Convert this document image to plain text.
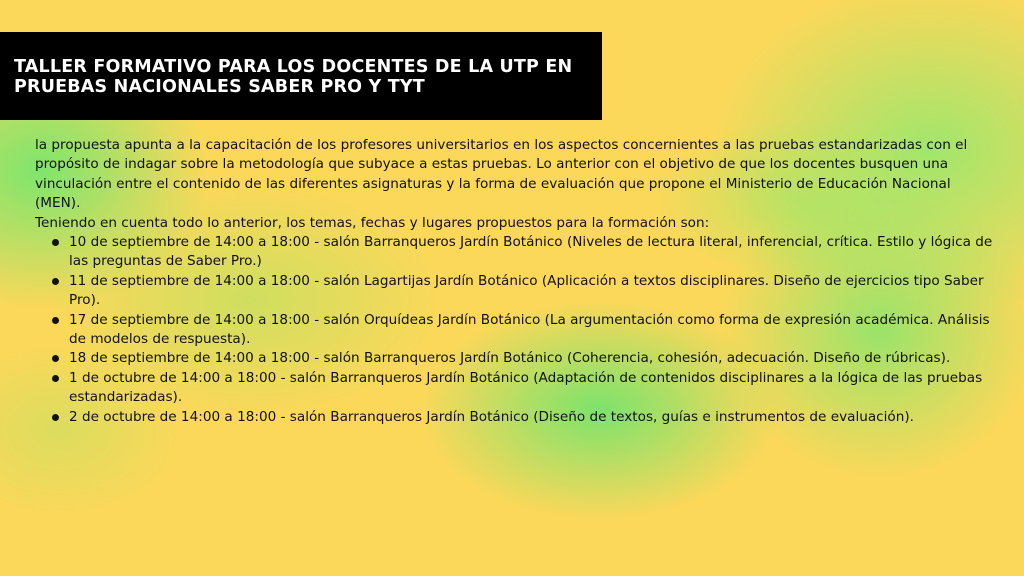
TALLER FORMATIVO PARA LOS DOCENTES DE LA UTP EN PRUEBAS NACIONALES SABER PRO Y TYT

la propuesta apunta a la capacitación de los profesores universitarios en los aspectos concernientes a las pruebas estandarizadas con el propósito de indagar sobre la metodología que subyace a estas pruebas. Lo anterior con el objetivo de que los docentes busquen una vinculación entre el contenido de las diferentes asignaturas y la forma de evaluación que propone el Ministerio de Educación Nacional (MEN).

Teniendo en cuenta todo lo anterior, los temas, fechas y lugares propuestos para la formación son:

10 de septiembre de 14:00 a 18:00 - salón Barranqueros Jardín Botánico (Niveles de lectura literal, inferencial, crítica. Estilo y lógica de las preguntas de Saber Pro.)
11 de septiembre de 14:00 a 18:00 - salón Lagartijas Jardín Botánico (Aplicación a textos disciplinares. Diseño de ejercicios tipo Saber Pro).
17 de septiembre de 14:00 a 18:00 - salón Orquídeas Jardín Botánico (La argumentación como forma de expresión académica. Análisis de modelos de respuesta).
18 de septiembre de 14:00 a 18:00 - salón Barranqueros Jardín Botánico (Coherencia, cohesión, adecuación. Diseño de rúbricas).
1 de octubre de 14:00 a 18:00 - salón Barranqueros Jardín Botánico (Adaptación de contenidos disciplinares a la lógica de las pruebas estandarizadas).
2 de octubre de 14:00 a 18:00 - salón Barranqueros Jardín Botánico (Diseño de textos, guías e instrumentos de evaluación).
